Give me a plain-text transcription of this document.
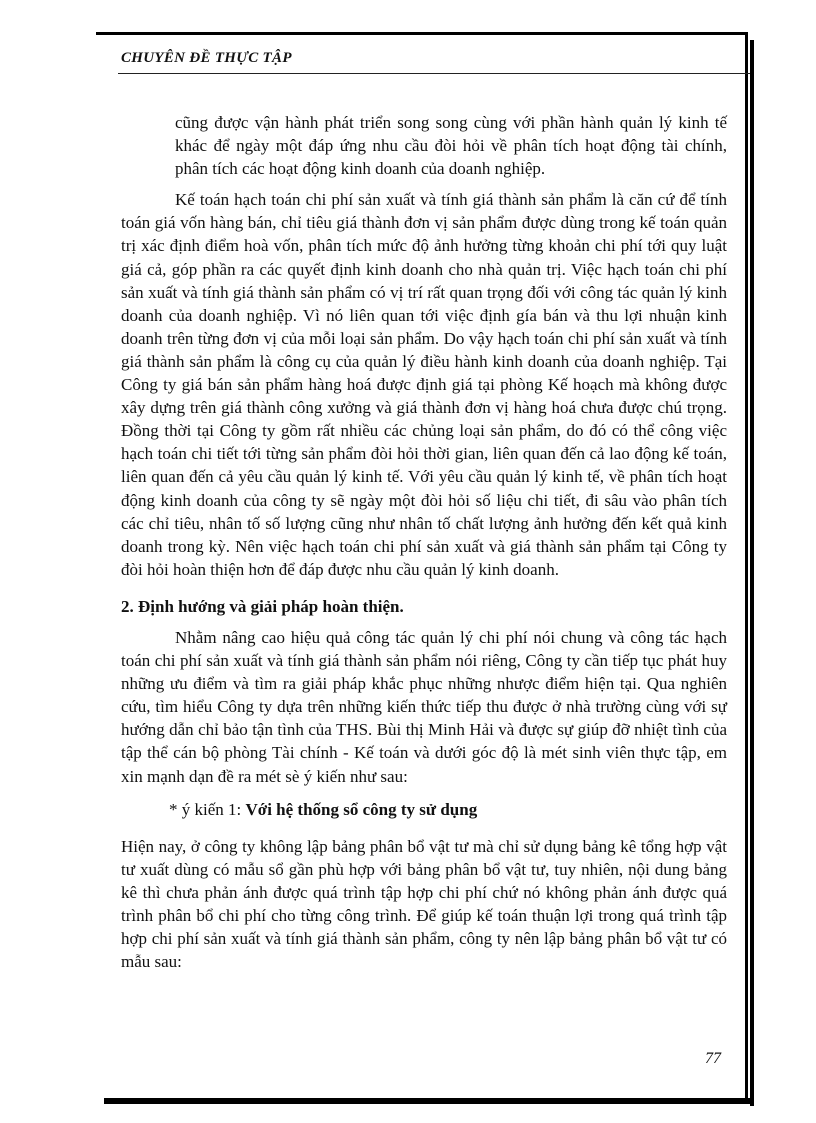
CHUYÊN ĐỀ THỰC TẬP

cũng được vận hành phát triển song song cùng với phần hành quản lý kinh tế khác để ngày một đáp ứng nhu cầu đòi hỏi về phân tích hoạt động tài chính, phân tích các hoạt động kinh doanh của doanh nghiệp.

Kế toán hạch toán chi phí sản xuất và tính giá thành sản phẩm là căn cứ để tính toán giá vốn hàng bán, chỉ tiêu giá thành đơn vị sản phẩm được dùng trong kế toán quản trị xác định điểm hoà vốn, phân tích mức độ ảnh hưởng từng khoản chi phí tới quy luật giá cả, góp phần ra các quyết định kinh doanh cho nhà quản trị. Việc hạch toán chi phí sản xuất và tính giá thành sản phẩm có vị trí rất quan trọng đối với công tác quản lý kinh doanh của doanh nghiệp. Vì nó liên quan tới việc định gía bán và thu lợi nhuận kinh doanh trên từng đơn vị của mỗi loại sản phẩm. Do vậy hạch toán chi phí sản xuất và tính giá thành sản phẩm là công cụ của quản lý điều hành kinh doanh của doanh nghiệp. Tại Công ty giá bán sản phẩm hàng hoá được định giá tại phòng Kế hoạch mà không được xây dựng trên giá thành công xưởng và giá thành đơn vị hàng hoá chưa được chú trọng. Đồng thời tại Công ty gồm rất nhiều các chủng loại sản phẩm, do đó có thể công việc hạch toán chi tiết tới từng sản phẩm đòi hỏi thời gian, liên quan đến cả lao động kế toán, liên quan đến cả yêu cầu quản lý kinh tế. Với yêu cầu quản lý kinh tế, về phân tích hoạt động kinh doanh của công ty sẽ ngày một đòi hỏi số liệu chi tiết, đi sâu vào phân tích các chỉ tiêu, nhân tố số lượng cũng như nhân tố chất lượng ảnh hưởng đến kết quả kinh doanh trong kỳ. Nên việc hạch toán chi phí sản xuất và giá thành sản phẩm tại Công ty đòi hỏi hoàn thiện hơn để đáp được nhu cầu quản lý kinh doanh.

2. Định hướng và giải pháp hoàn thiện.

Nhằm nâng cao hiệu quả công tác quản lý chi phí nói chung và công tác hạch toán chi phí sản xuất và tính giá thành sản phẩm nói riêng, Công ty cần tiếp tục phát huy những ưu điểm và tìm ra giải pháp khắc phục những nhược điểm hiện tại. Qua nghiên cứu, tìm hiểu Công ty dựa trên những kiến thức tiếp thu được ở nhà trường cùng với sự hướng dẫn chỉ bảo tận tình của THS. Bùi thị Minh Hải và được sự giúp đỡ nhiệt tình của tập thể cán bộ phòng Tài chính - Kế toán và dưới góc độ là mét sinh viên thực tập, em xin mạnh dạn đề ra mét sè ý kiến như sau:

* ý kiến 1: Với hệ thống sổ công ty sử dụng

Hiện nay, ở công ty không lập bảng phân bổ vật tư mà chỉ sử dụng bảng kê tổng hợp vật tư xuất dùng có mẫu sổ gần phù hợp với bảng phân bổ vật tư, tuy nhiên, nội dung bảng kê thì chưa phản ánh được quá trình tập hợp chi phí chứ nó không phản ánh được quá trình phân bổ chi phí cho từng công trình. Để giúp kế toán thuận lợi trong quá trình tập hợp chi phí sản xuất và tính giá thành sản phẩm, công ty nên lập bảng phân bổ vật tư có mẫu sau:

77
